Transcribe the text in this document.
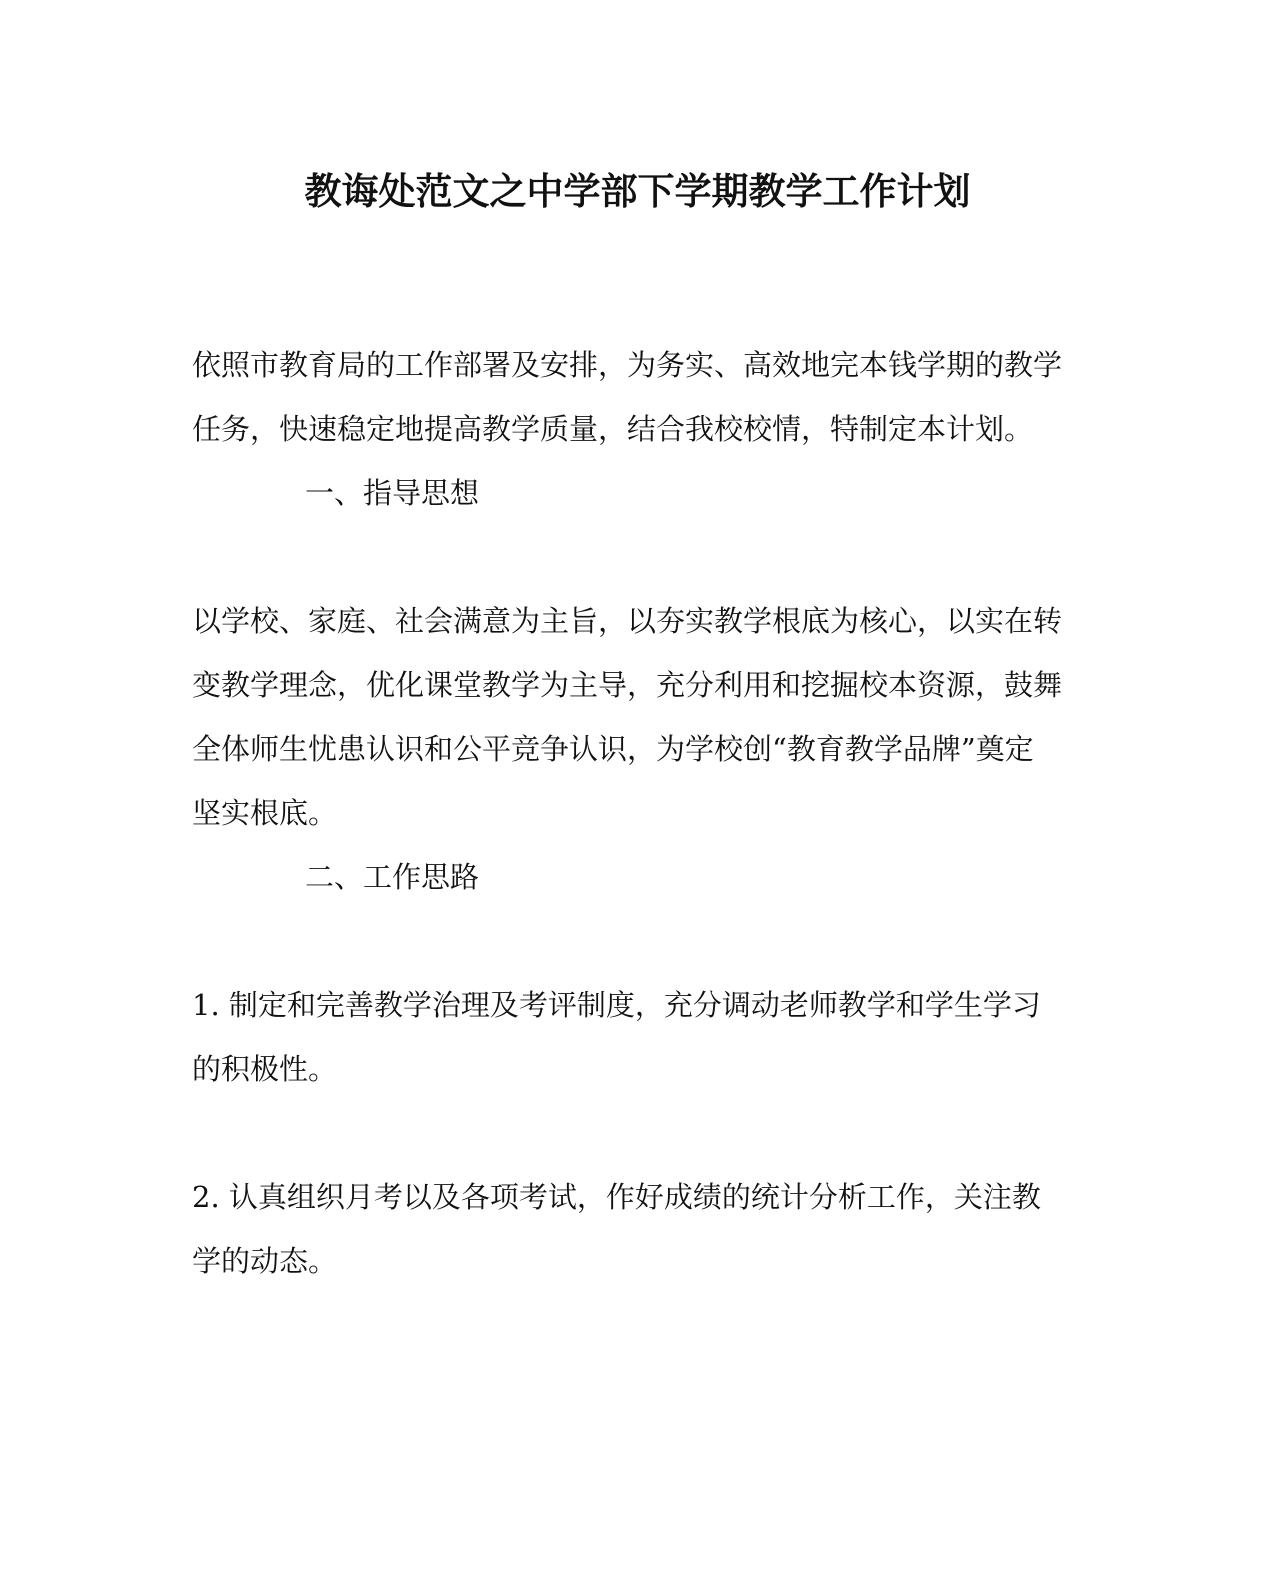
教诲处范文之中学部下学期教学工作计划
依照市教育局的工作部署及安排，为务实、高效地完本钱学期的教学任务，快速稳定地提高教学质量，结合我校校情，特制定本计划。
一、指导思想
以学校、家庭、社会满意为主旨，以夯实教学根底为核心，以实在转变教学理念，优化课堂教学为主导，充分利用和挖掘校本资源，鼓舞全体师生忧患认识和公平竞争认识，为学校创“教育教学品牌”奠定坚实根底。
二、工作思路
1. 制定和完善教学治理及考评制度，充分调动老师教学和学生学习的积极性。
2. 认真组织月考以及各项考试，作好成绩的统计分析工作，关注教学的动态。
